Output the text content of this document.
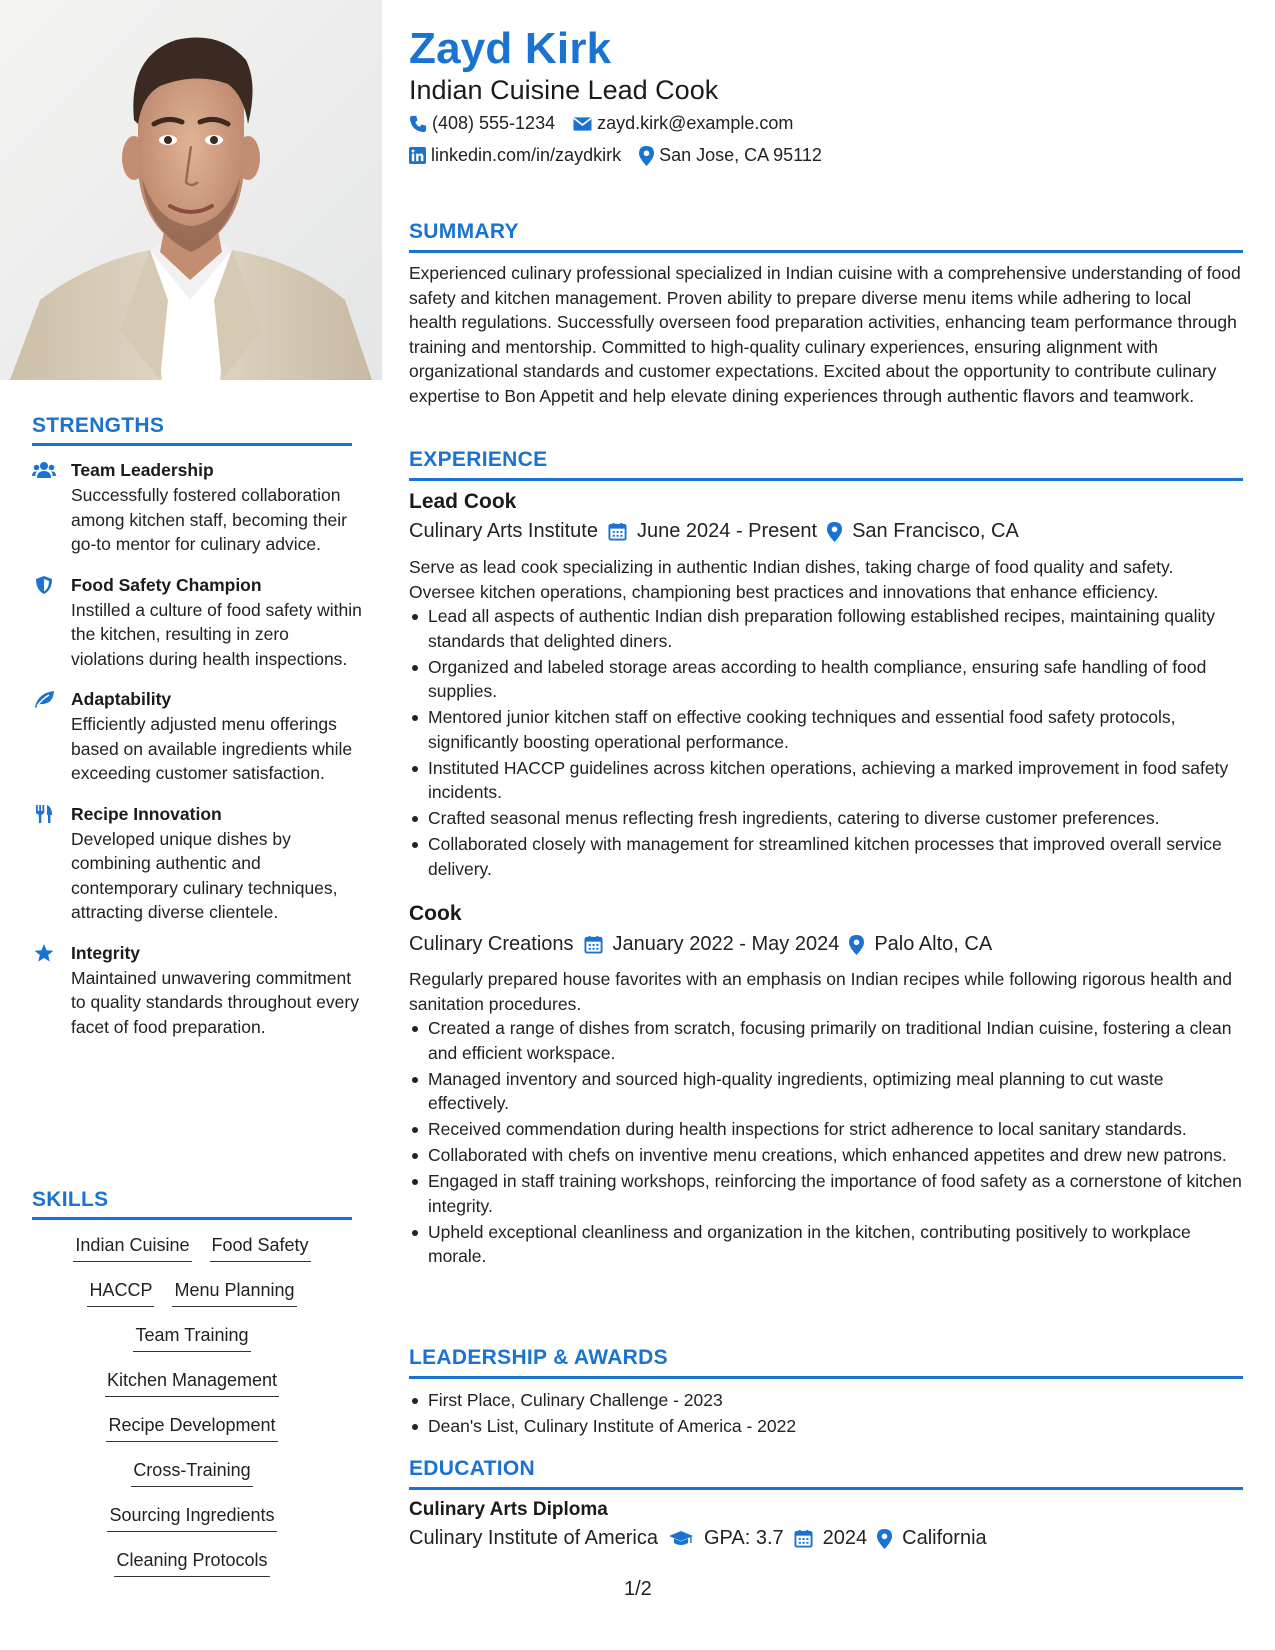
STRENGTHS
Team Leadership
Successfully fostered collaboration among kitchen staff, becoming their go-to mentor for culinary advice.
Food Safety Champion
Instilled a culture of food safety within the kitchen, resulting in zero violations during health inspections.
Adaptability
Efficiently adjusted menu offerings based on available ingredients while exceeding customer satisfaction.
Recipe Innovation
Developed unique dishes by combining authentic and contemporary culinary techniques, attracting diverse clientele.
Integrity
Maintained unwavering commitment to quality standards throughout every facet of food preparation.
SKILLS
Indian Cuisine Food Safety
HACCP Menu Planning
Team Training
Kitchen Management
Recipe Development
Cross-Training
Sourcing Ingredients
Cleaning Protocols
Zayd Kirk
Indian Cuisine Lead Cook
(408) 555-1234 zayd.kirk@example.com
linkedin.com/in/zaydkirk San Jose, CA 95112
SUMMARY
Experienced culinary professional specialized in Indian cuisine with a comprehensive understanding of food safety and kitchen management. Proven ability to prepare diverse menu items while adhering to local health regulations. Successfully overseen food preparation activities, enhancing team performance through training and mentorship. Committed to high-quality culinary experiences, ensuring alignment with organizational standards and customer expectations. Excited about the opportunity to contribute culinary expertise to Bon Appetit and help elevate dining experiences through authentic flavors and teamwork.
EXPERIENCE
Lead Cook
Culinary Arts Institute June 2024 - Present San Francisco, CA
Serve as lead cook specializing in authentic Indian dishes, taking charge of food quality and safety. Oversee kitchen operations, championing best practices and innovations that enhance efficiency.
Lead all aspects of authentic Indian dish preparation following established recipes, maintaining quality standards that delighted diners.
Organized and labeled storage areas according to health compliance, ensuring safe handling of food supplies.
Mentored junior kitchen staff on effective cooking techniques and essential food safety protocols, significantly boosting operational performance.
Instituted HACCP guidelines across kitchen operations, achieving a marked improvement in food safety incidents.
Crafted seasonal menus reflecting fresh ingredients, catering to diverse customer preferences.
Collaborated closely with management for streamlined kitchen processes that improved overall service delivery.
Cook
Culinary Creations January 2022 - May 2024 Palo Alto, CA
Regularly prepared house favorites with an emphasis on Indian recipes while following rigorous health and sanitation procedures.
Created a range of dishes from scratch, focusing primarily on traditional Indian cuisine, fostering a clean and efficient workspace.
Managed inventory and sourced high-quality ingredients, optimizing meal planning to cut waste effectively.
Received commendation during health inspections for strict adherence to local sanitary standards.
Collaborated with chefs on inventive menu creations, which enhanced appetites and drew new patrons.
Engaged in staff training workshops, reinforcing the importance of food safety as a cornerstone of kitchen integrity.
Upheld exceptional cleanliness and organization in the kitchen, contributing positively to workplace morale.
LEADERSHIP & AWARDS
First Place, Culinary Challenge - 2023
Dean's List, Culinary Institute of America - 2022
EDUCATION
Culinary Arts Diploma
Culinary Institute of America GPA: 3.7 2024 California
1/2
